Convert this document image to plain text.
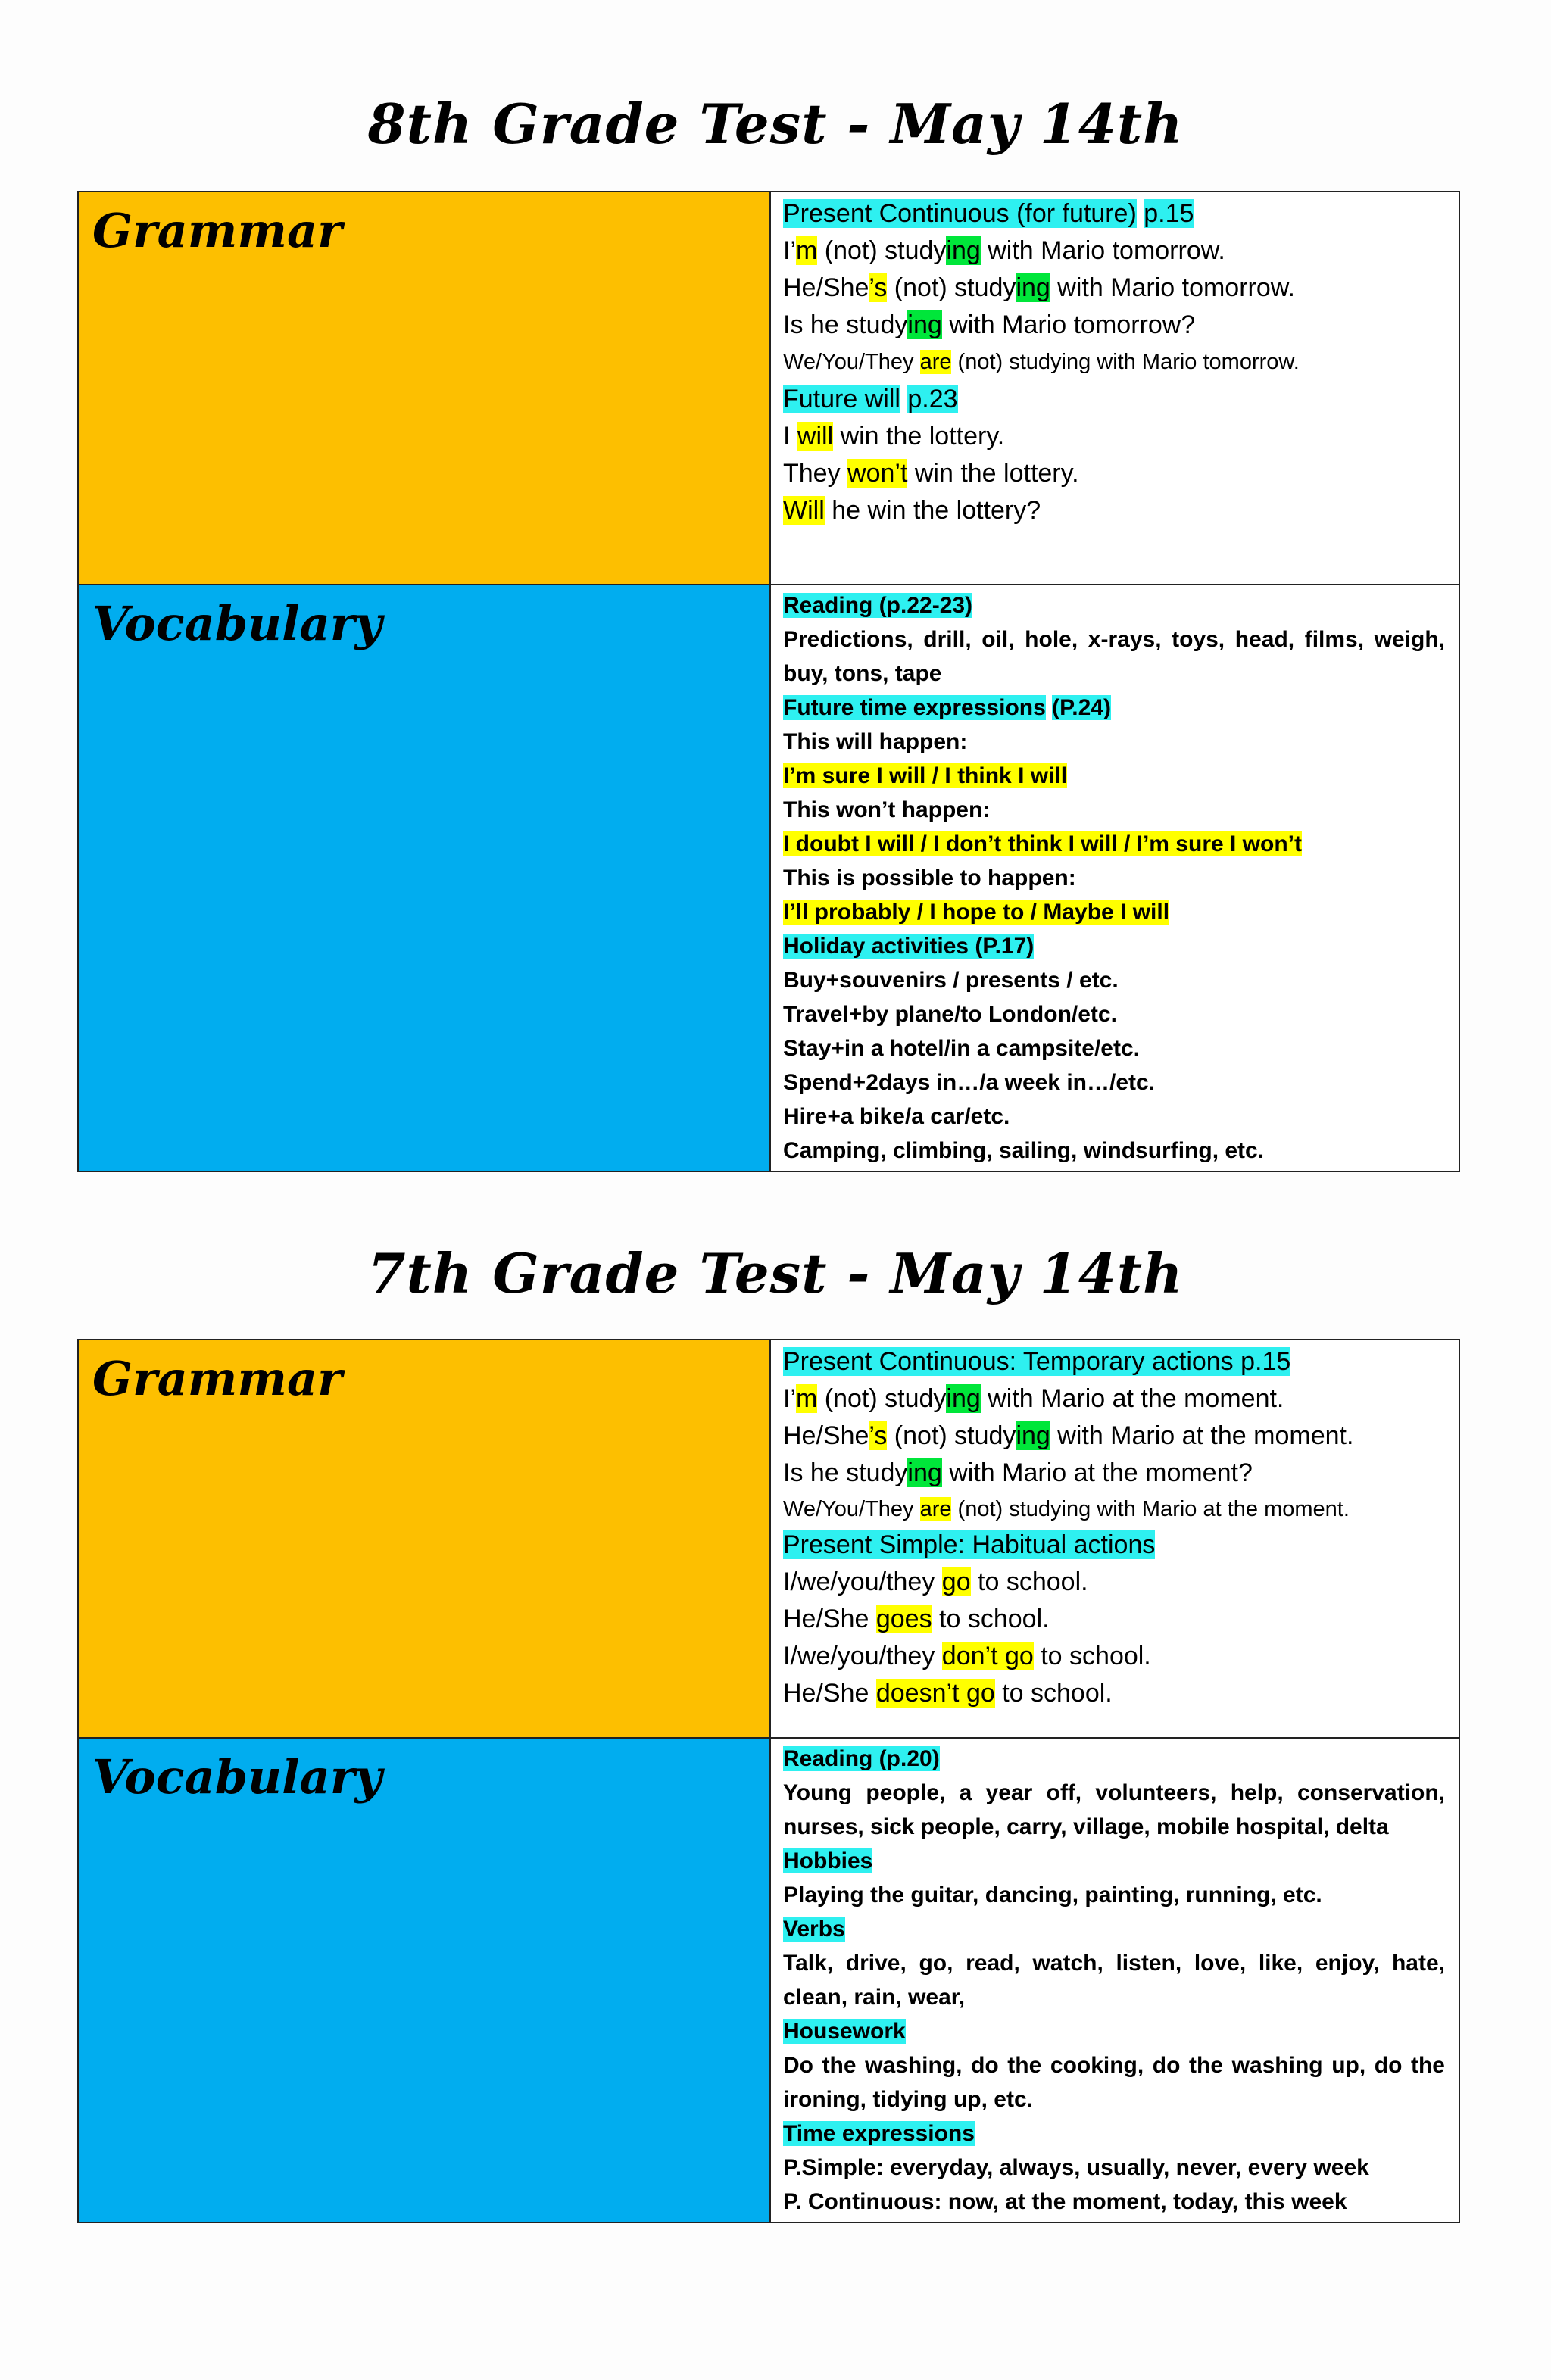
8th Grade Test - May 14th
Grammar	Present Continuous (for future) p.15
I’m (not) studying with Mario tomorrow.
He/She’s (not) studying with Mario tomorrow.
Is he studying with Mario tomorrow?
We/You/They are (not) studying with Mario tomorrow.
Future will p.23
I will win the lottery.
They won’t win the lottery.
Will he win the lottery?
Vocabulary	Reading (p.22-23)
Predictions, drill, oil, hole, x-rays, toys, head, films, weigh, buy, tons, tape
Future time expressions (P.24)
This will happen:
I’m sure I will / I think I will
This won’t happen:
I doubt I will / I don’t think I will / I’m sure I won’t
This is possible to happen:
I’ll probably / I hope to / Maybe I will
Holiday activities (P.17)
Buy+souvenirs / presents / etc.
Travel+by plane/to London/etc.
Stay+in a hotel/in a campsite/etc.
Spend+2days in…/a week in…/etc.
Hire+a bike/a car/etc.
Camping, climbing, sailing, windsurfing, etc.
7th Grade Test - May 14th
Grammar	Present Continuous: Temporary actions p.15
I’m (not) studying with Mario at the moment.
He/She’s (not) studying with Mario at the moment.
Is he studying with Mario at the moment?
We/You/They are (not) studying with Mario at the moment.
Present Simple: Habitual actions
I/we/you/they go to school.
He/She goes to school.
I/we/you/they don’t go to school.
He/She doesn’t go to school.
Vocabulary	Reading (p.20)
Young people, a year off, volunteers, help, conservation, nurses, sick people, carry, village, mobile hospital, delta
Hobbies
Playing the guitar, dancing, painting, running, etc.
Verbs
Talk, drive, go, read, watch, listen, love, like, enjoy, hate, clean, rain, wear,
Housework
Do the washing, do the cooking, do the washing up, do the ironing, tidying up, etc.
Time expressions
P.Simple: everyday, always, usually, never, every week
P. Continuous: now, at the moment, today, this week
